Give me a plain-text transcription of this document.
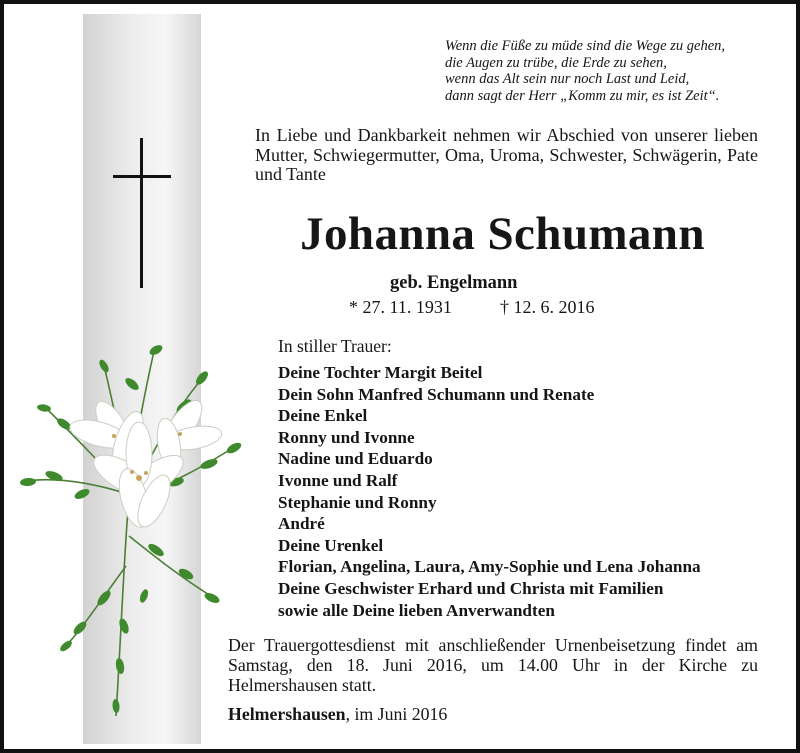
Wenn die Füße zu müde sind die Wege zu gehen,
die Augen zu trübe, die Erde zu sehen,
wenn das Alt sein nur noch Last und Leid,
dann sagt der Herr „Komm zu mir, es ist Zeit“.

In Liebe und Dankbarkeit nehmen wir Abschied von unserer lieben Mutter, Schwiegermutter, Oma, Uroma, Schwester, Schwägerin, Pate und Tante

Johanna Schumann

geb. Engelmann

* 27. 11. 1931	† 12. 6. 2016

In stiller Trauer:

Deine Tochter Margit Beitel
Dein Sohn Manfred Schumann und Renate
Deine Enkel
Ronny und Ivonne
Nadine und Eduardo
Ivonne und Ralf
Stephanie und Ronny
André
Deine Urenkel
Florian, Angelina, Laura, Amy-Sophie und Lena Johanna
Deine Geschwister Erhard und Christa mit Familien
sowie alle Deine lieben Anverwandten

Der Trauergottesdienst mit anschließender Urnenbeisetzung findet am Samstag, den 18. Juni 2016, um 14.00 Uhr in der Kirche zu Helmershausen statt.

Helmershausen, im Juni 2016
